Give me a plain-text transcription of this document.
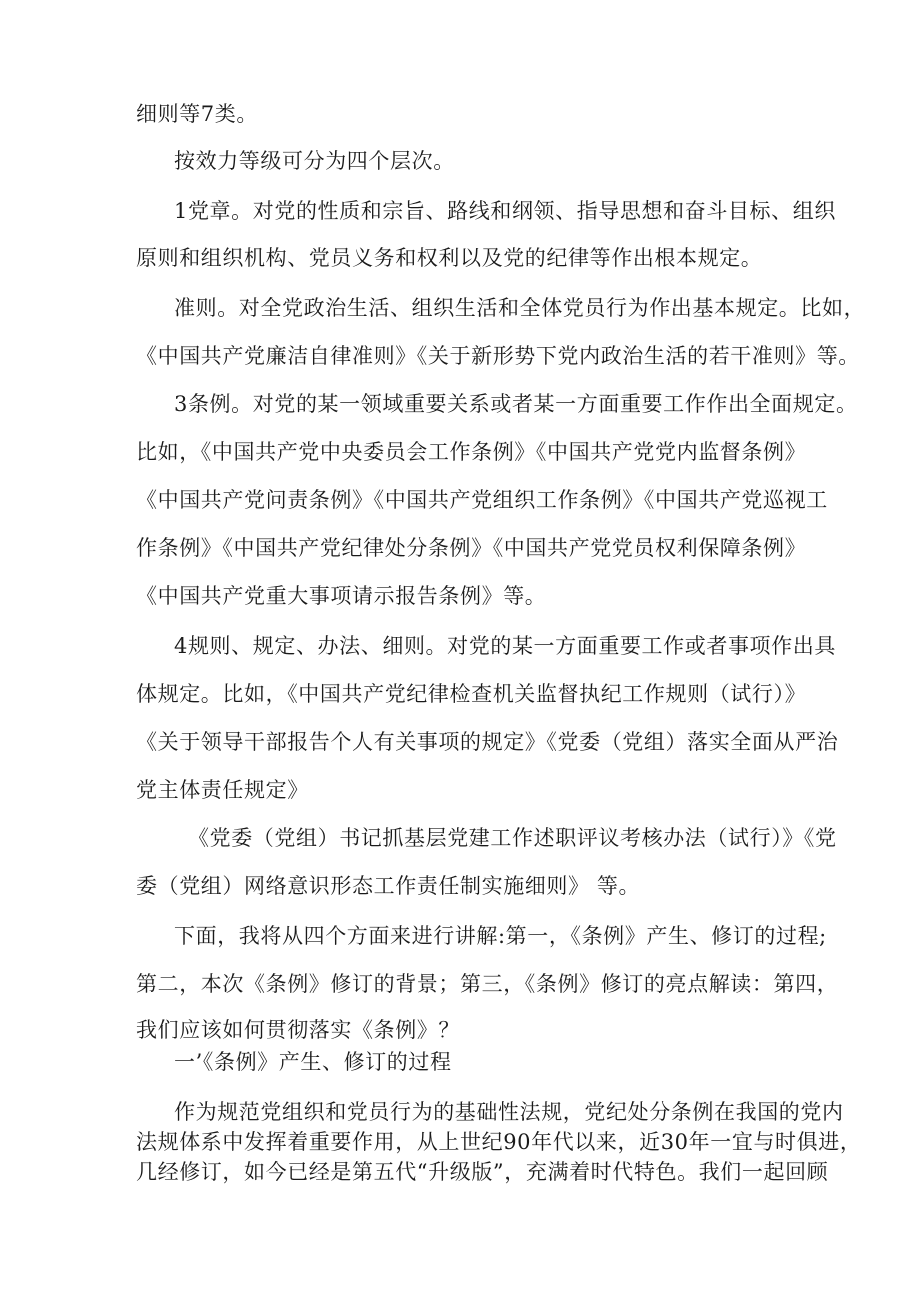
细则等7类。
按效力等级可分为四个层次。
1党章。对党的性质和宗旨、路线和纲领、指导思想和奋斗目标、组织
原则和组织机构、党员义务和权利以及党的纪律等作出根本规定。
准则。对全党政治生活、组织生活和全体党员行为作出基本规定。比如，
《中国共产党廉洁自律准则》《关于新形势下党内政治生活的若干准则》等。
3条例。对党的某一领域重要关系或者某一方面重要工作作出全面规定。
比如，《中国共产党中央委员会工作条例》《中国共产党党内监督条例》
《中国共产党问责条例》《中国共产党组织工作条例》《中国共产党巡视工
作条例》《中国共产党纪律处分条例》《中国共产党党员权利保障条例》
《中国共产党重大事项请示报告条例》等。
4规则、规定、办法、细则。对党的某一方面重要工作或者事项作出具
体规定。比如，《中国共产党纪律检查机关监督执纪工作规则（试行）》
《关于领导干部报告个人有关事项的规定》《党委（党组）落实全面从严治
党主体责任规定》
《党委（党组）书记抓基层党建工作述职评议考核办法（试行）》《党
委（党组）网络意识形态工作责任制实施细则》 等。
下面，我将从四个方面来进行讲解:第一，《条例》产生、修订的过程;
第二，本次《条例》修订的背景；第三，《条例》修订的亮点解读：第四，
我们应该如何贯彻落实《条例》？
一’《条例》产生、修订的过程
作为规范党组织和党员行为的基础性法规，党纪处分条例在我国的党内
法规体系中发挥着重要作用，从上世纪90年代以来，近30年一宜与时俱进，
几经修订，如今已经是第五代“升级版”，充满着时代特色。我们一起回顾
